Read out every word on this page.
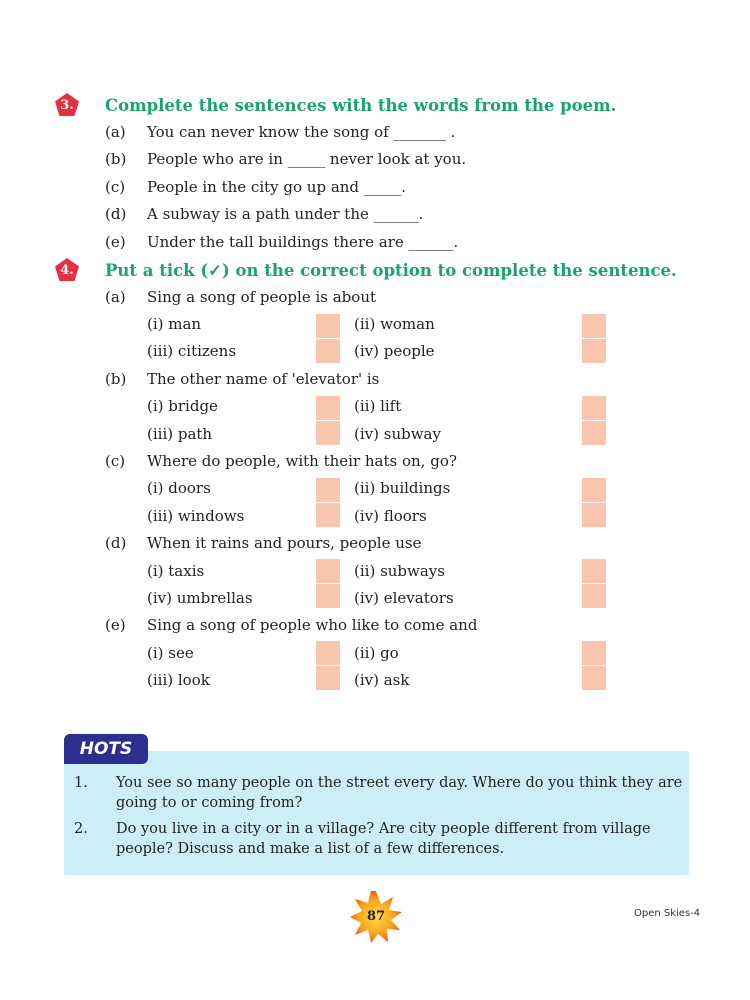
3. Complete the sentences with the words from the poem.
(a) You can never know the song of _______ .
(b) People who are in _____ never look at you.
(c) People in the city go up and _____.
(d) A subway is a path under the ______.
(e) Under the tall buildings there are ______.
4. Put a tick (✓) on the correct option to complete the sentence.
(a) Sing a song of people is about
(i) man	(ii) woman
(iii) citizens	(iv) people
(b) The other name of 'elevator' is
(i) bridge	(ii) lift
(iii) path	(iv) subway
(c) Where do people, with their hats on, go?
(i) doors	(ii) buildings
(iii) windows	(iv) floors
(d) When it rains and pours, people use
(i) taxis	(ii) subways
(iv) umbrellas	(iv) elevators
(e) Sing a song of people who like to come and
(i) see	(ii) go
(iii) look	(iv) ask
HOTS
1. You see so many people on the street every day. Where do you think they are going to or coming from?
2. Do you live in a city or in a village? Are city people different from village people? Discuss and make a list of a few differences.
87	Open Skies-4
